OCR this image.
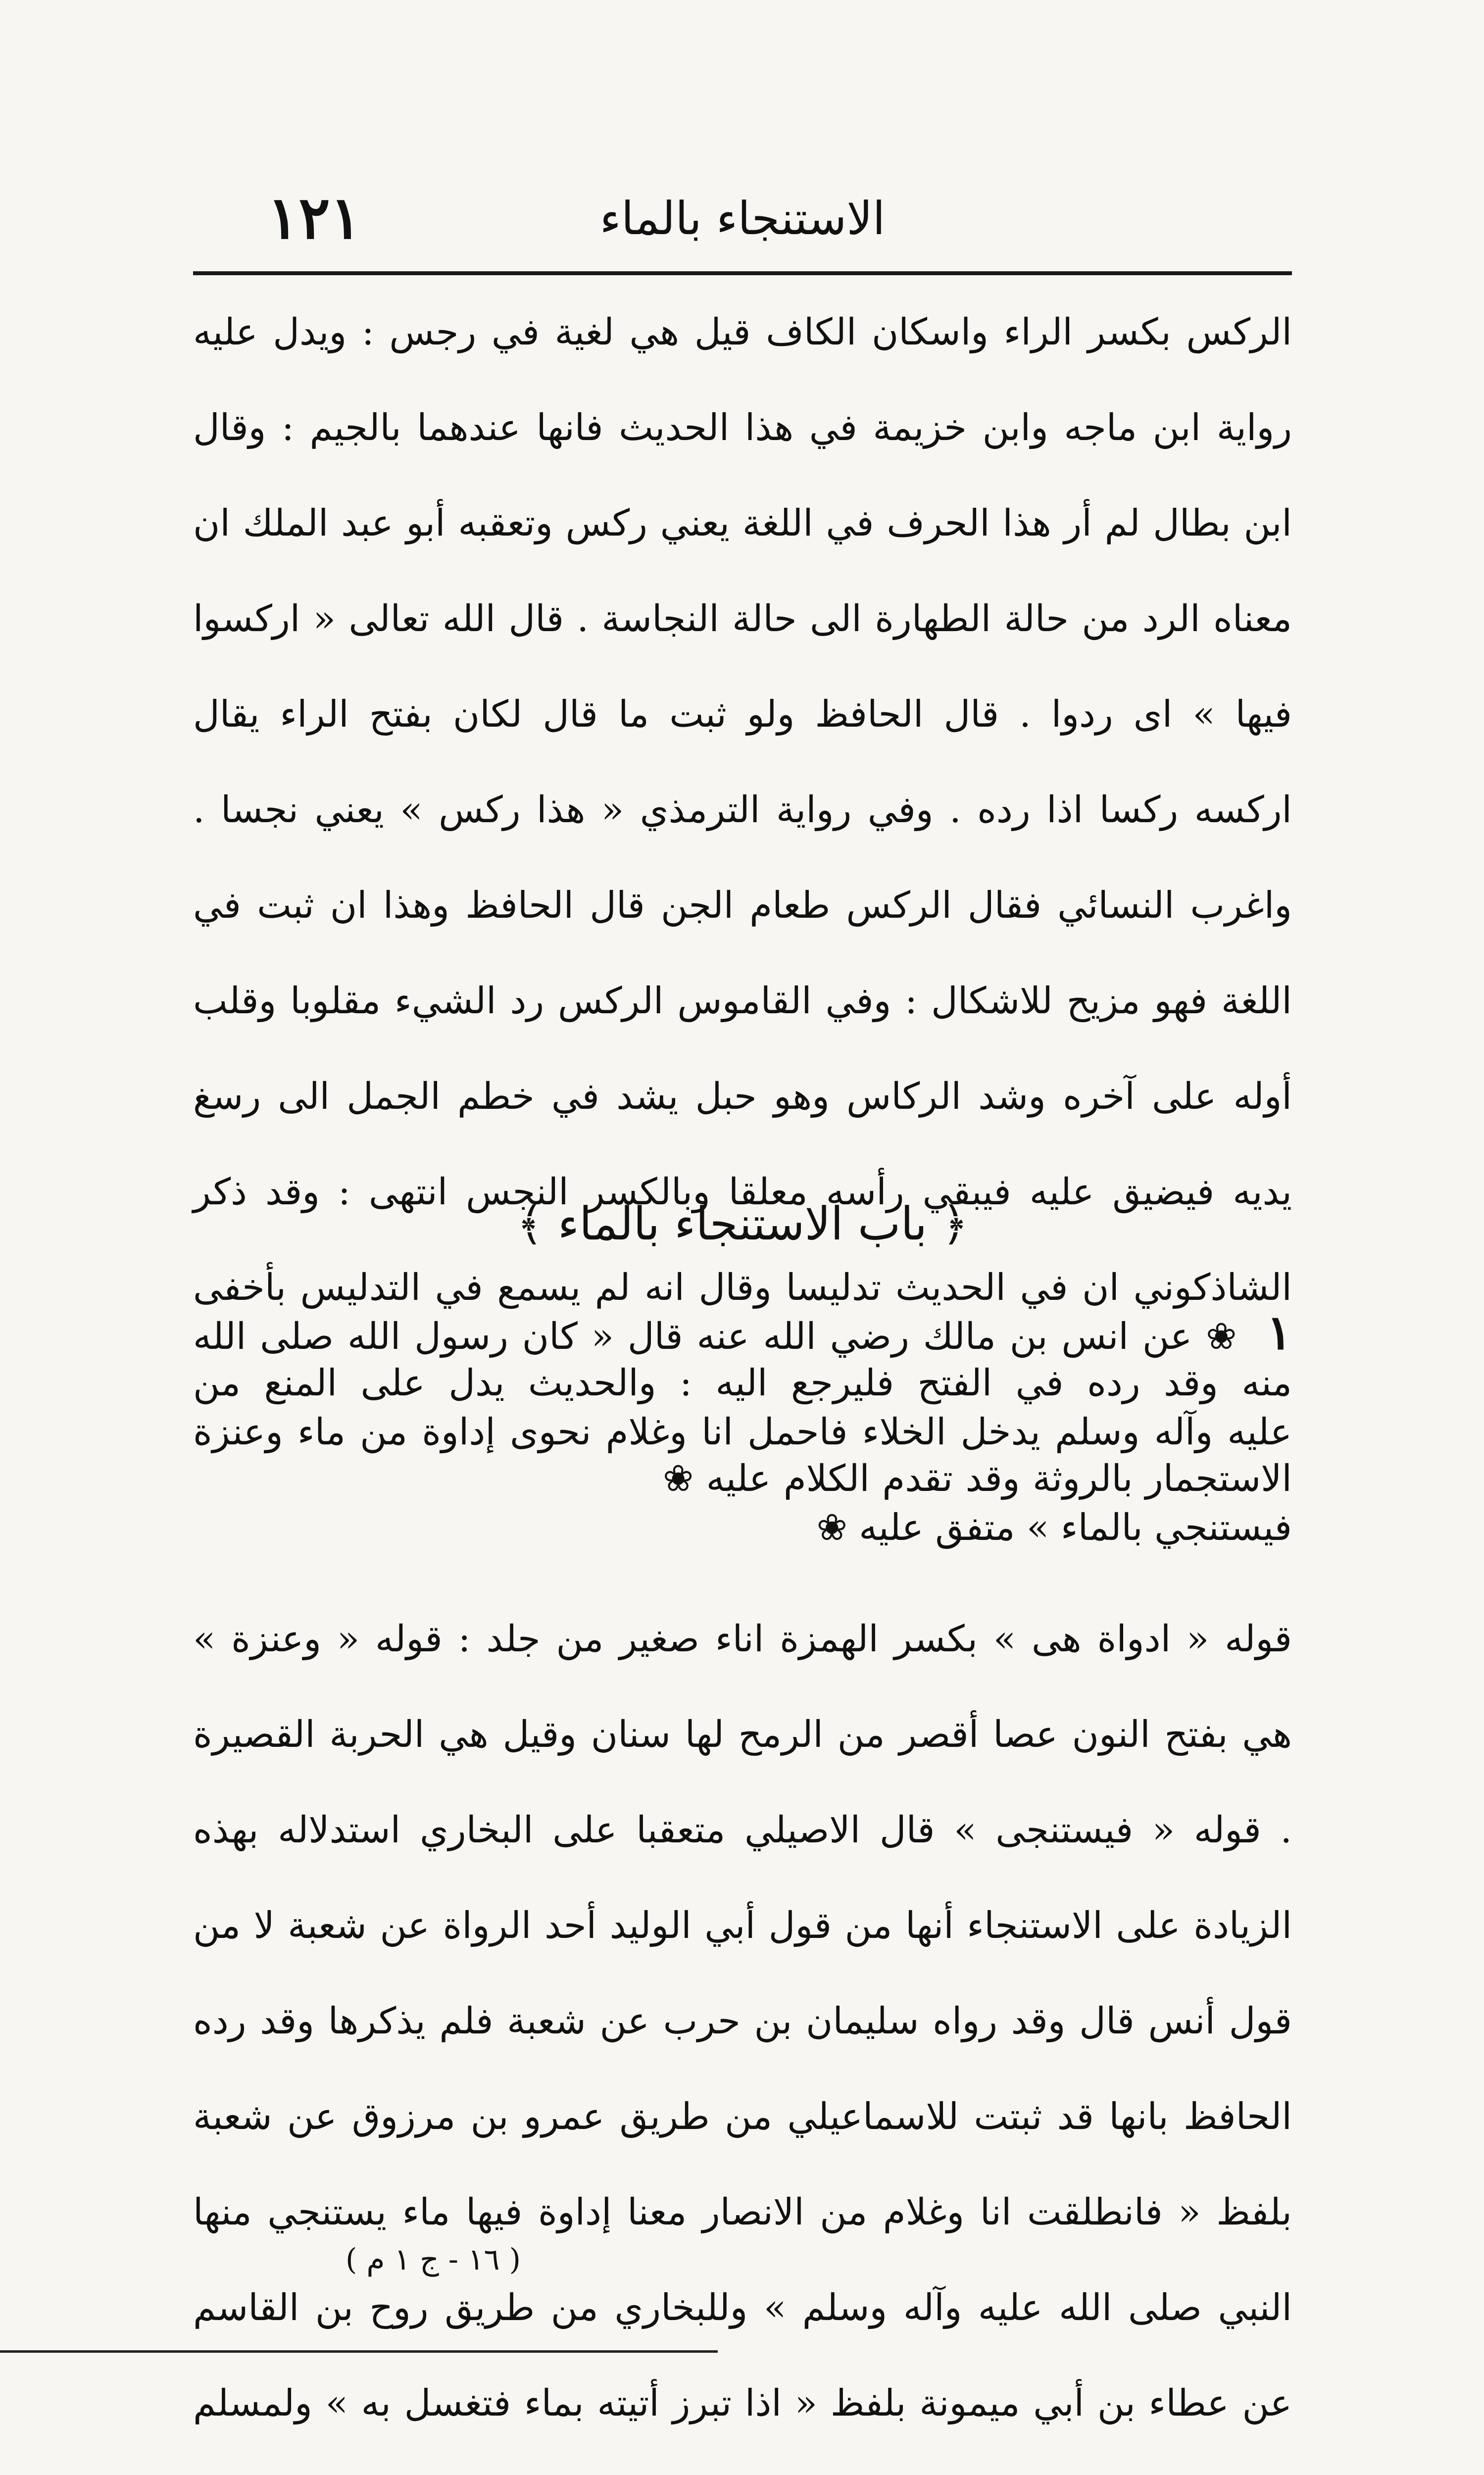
١٢١	الاستنجاء بالماء
الركس بكسر الراء واسكان الكاف قيل هي لغية في رجس : ويدل عليه رواية ابن ماجه وابن خزيمة في هذا الحديث فانها عندهما بالجيم : وقال ابن بطال لم أر هذا الحرف في اللغة يعني ركس وتعقبه أبو عبد الملك ان معناه الرد من حالة الطهارة الى حالة النجاسة . قال الله تعالى « اركسوا فيها » اى ردوا . قال الحافظ ولو ثبت ما قال لكان بفتح الراء يقال اركسه ركسا اذا رده . وفي رواية الترمذي « هذا ركس » يعني نجسا . واغرب النسائي فقال الركس طعام الجن قال الحافظ وهذا ان ثبت في اللغة فهو مزيح للاشكال : وفي القاموس الركس رد الشيء مقلوبا وقلب أوله على آخره وشد الركاس وهو حبل يشد في خطم الجمل الى رسغ يديه فيضيق عليه فيبقي رأسه معلقا وبالكسر النجس انتهى : وقد ذكر الشاذكوني ان في الحديث تدليسا وقال انه لم يسمع في التدليس بأخفى منه وقد رده في الفتح فليرجع اليه : والحديث يدل على المنع من الاستجمار بالروثة وقد تقدم الكلام عليه ❀
﴿ باب الاستنجاء بالماء ﴾
١ ❀ عن انس بن مالك رضي الله عنه قال « كان رسول الله صلى الله عليه وآله وسلم يدخل الخلاء فاحمل انا وغلام نحوى إداوة من ماء وعنزة فيستنجي بالماء » متفق عليه ❀
قوله « ادواة هى » بكسر الهمزة اناء صغير من جلد : قوله « وعنزة » هي بفتح النون عصا أقصر من الرمح لها سنان وقيل هي الحربة القصيرة . قوله « فيستنجى » قال الاصيلي متعقبا على البخاري استدلاله بهذه الزيادة على الاستنجاء أنها من قول أبي الوليد أحد الرواة عن شعبة لا من قول أنس قال وقد رواه سليمان بن حرب عن شعبة فلم يذكرها وقد رده الحافظ بانها قد ثبتت للاسماعيلي من طريق عمرو بن مرزوق عن شعبة بلفظ « فانطلقت انا وغلام من الانصار معنا إداوة فيها ماء يستنجي منها النبي صلى الله عليه وآله وسلم » وللبخاري من طريق روح بن القاسم عن عطاء بن أبي ميمونة بلفظ « اذا تبرز أتيته بماء فتغسل به » ولمسلم
( ١٦ - ج ١ م )
